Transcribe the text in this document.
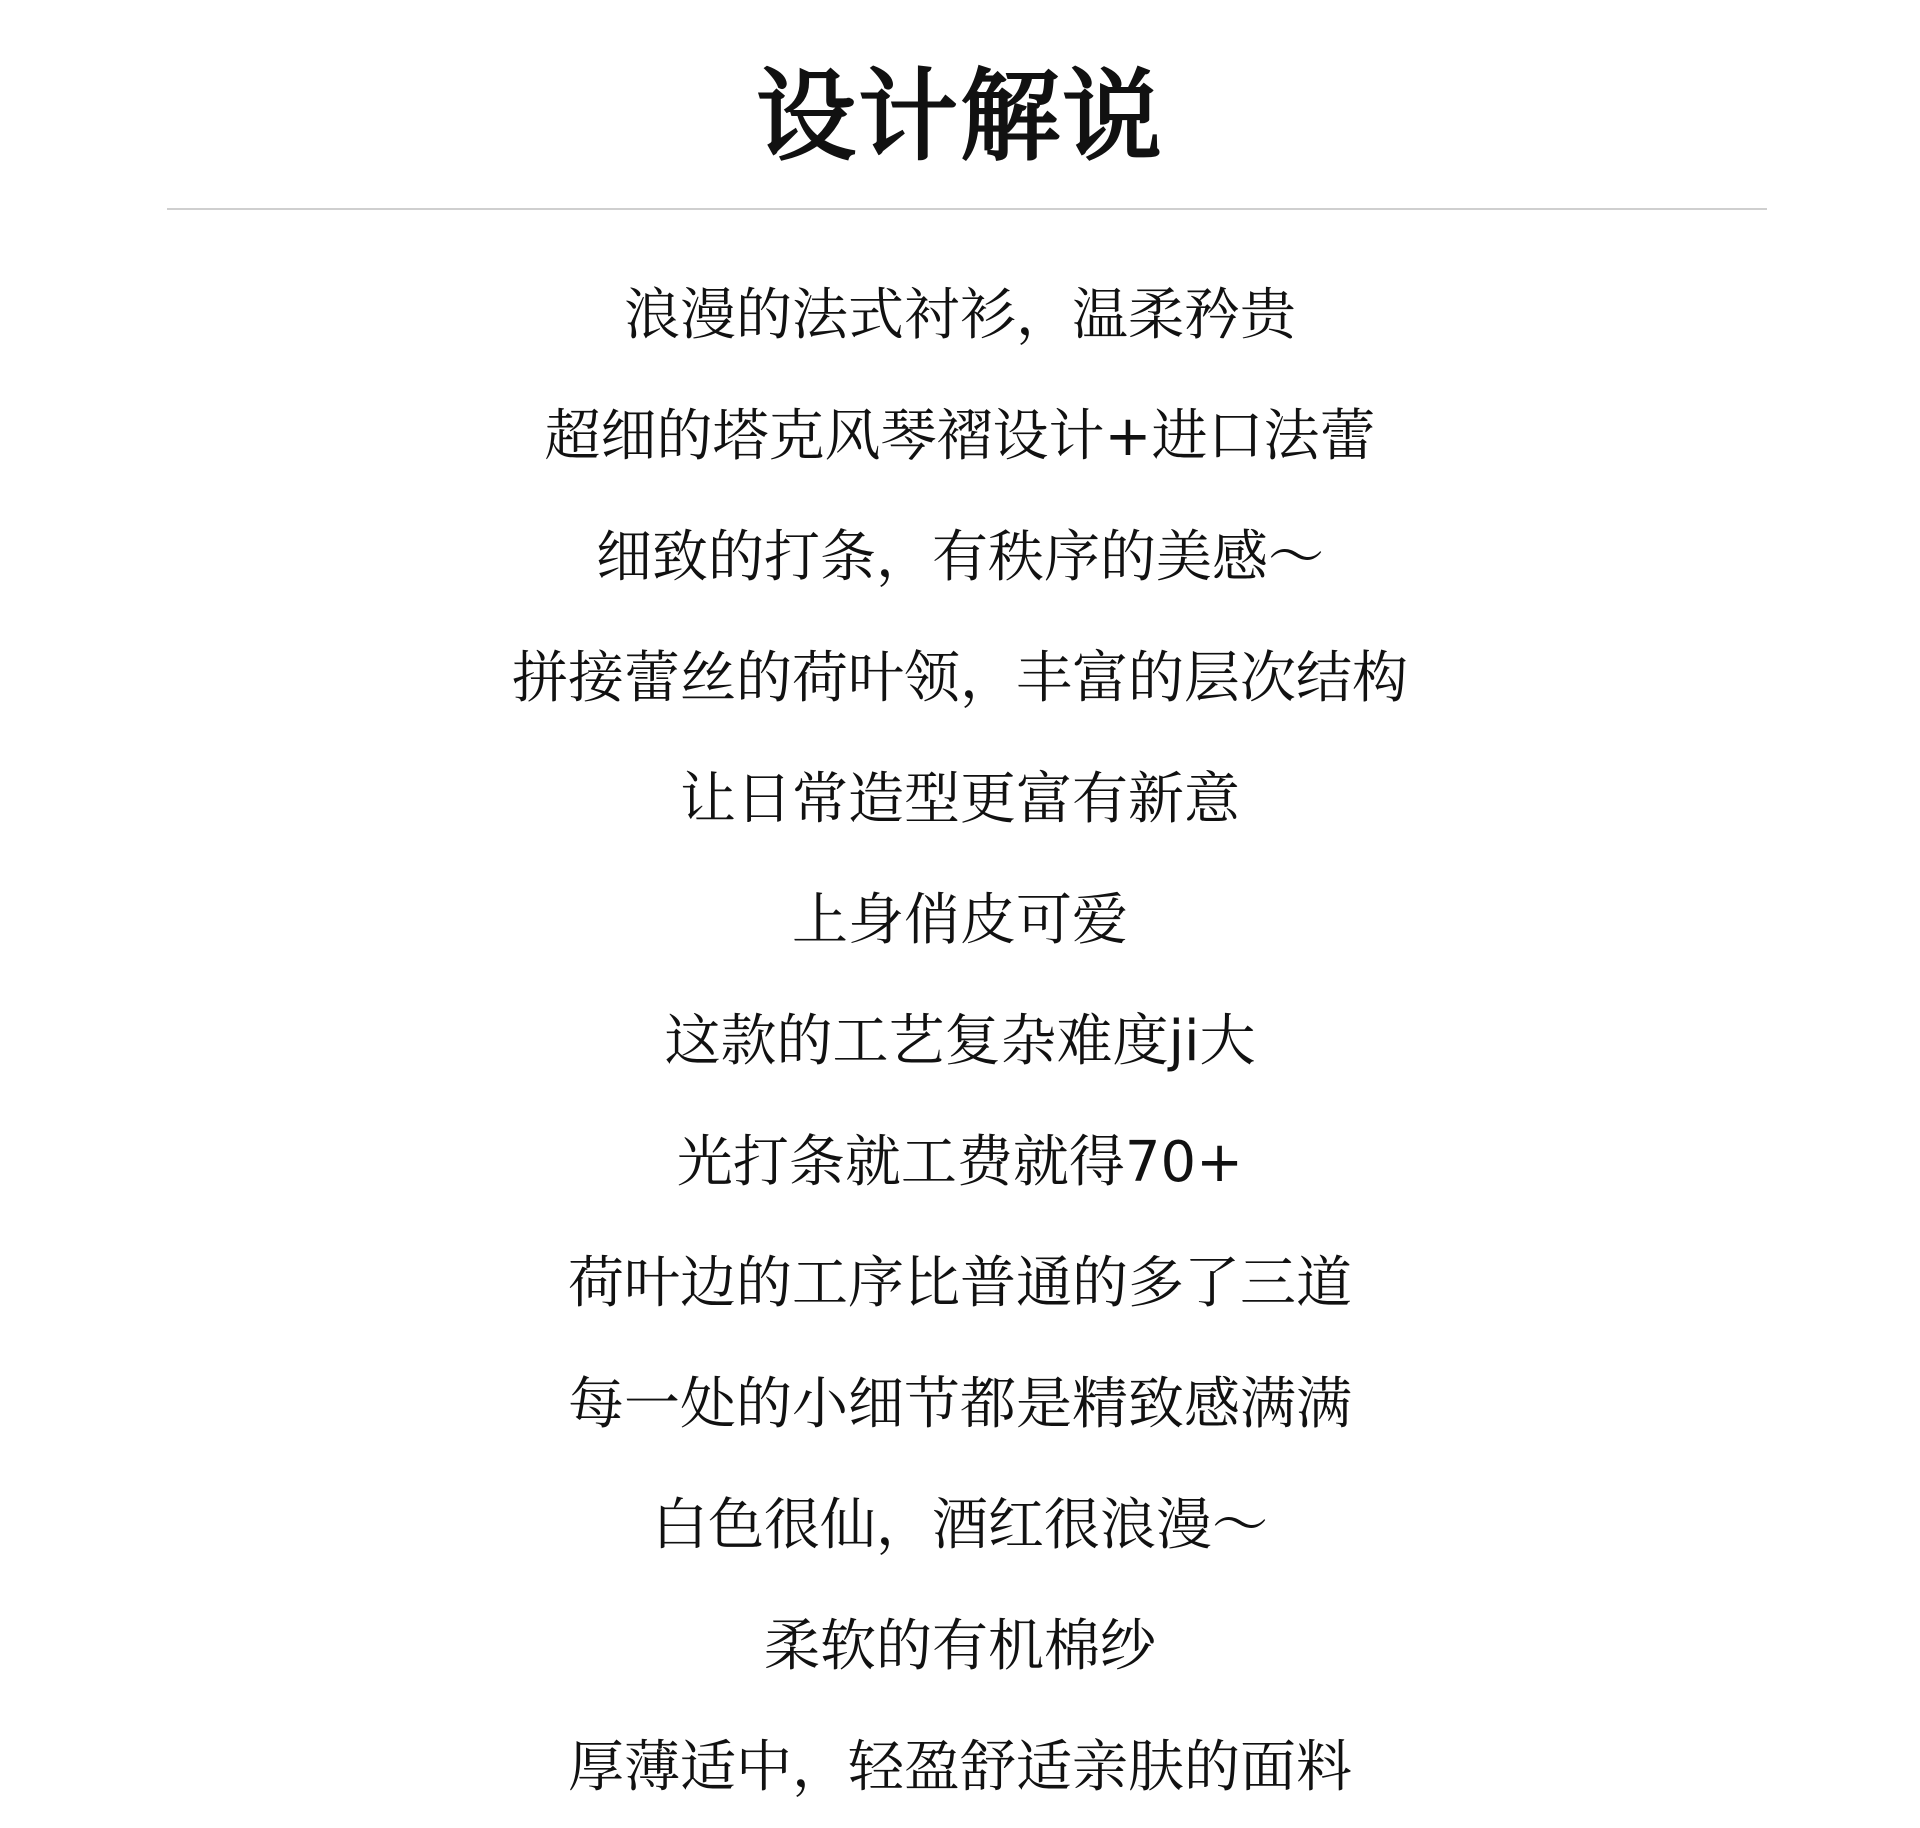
设计解说
浪漫的法式衬衫，温柔矜贵
超细的塔克风琴褶设计+进口法蕾
细致的打条，有秩序的美感～
拼接蕾丝的荷叶领，丰富的层次结构
让日常造型更富有新意
上身俏皮可爱
这款的工艺复杂难度ji大
光打条就工费就得70+
荷叶边的工序比普通的多了三道
每一处的小细节都是精致感满满
白色很仙，酒红很浪漫～
柔软的有机棉纱
厚薄适中，轻盈舒适亲肤的面料
